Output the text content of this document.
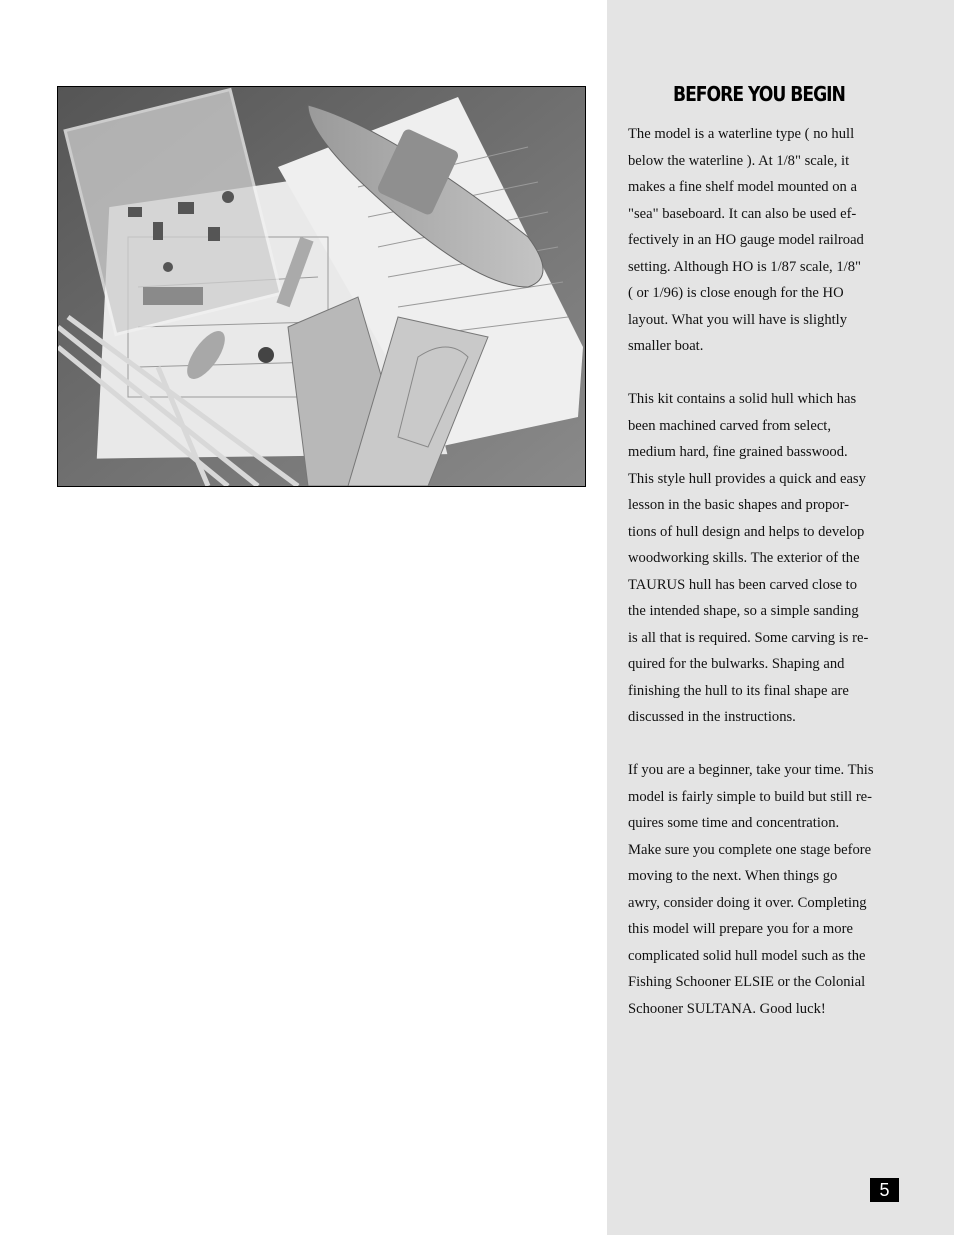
BEFORE YOU BEGIN

The model is a waterline type ( no hull
below the waterline ). At 1/8" scale, it
makes a fine shelf model mounted on a
"sea" baseboard. It can also be used ef-
fectively in an HO gauge model railroad
setting. Although HO is 1/87 scale, 1/8"
( or 1/96) is close enough for the HO
layout. What you will have is slightly
smaller boat.

This kit contains a solid hull which has
been machined carved from select,
medium hard, fine grained basswood.
This style hull provides a quick and easy
lesson in the basic shapes and propor-
tions of hull design and helps to develop
woodworking skills. The exterior of the
TAURUS hull has been carved close to
the intended shape, so a simple sanding
is all that is required. Some carving is re-
quired for the bulwarks. Shaping and
finishing the hull to its final shape are
discussed in the instructions.

If you are a beginner, take your time. This
model is fairly simple to build but still re-
quires some time and concentration.
Make sure you complete one stage before
moving to the next. When things go
awry, consider doing it over. Completing
this model will prepare you for a more
complicated solid hull model such as the
Fishing Schooner ELSIE or the Colonial
Schooner SULTANA. Good luck!

5
